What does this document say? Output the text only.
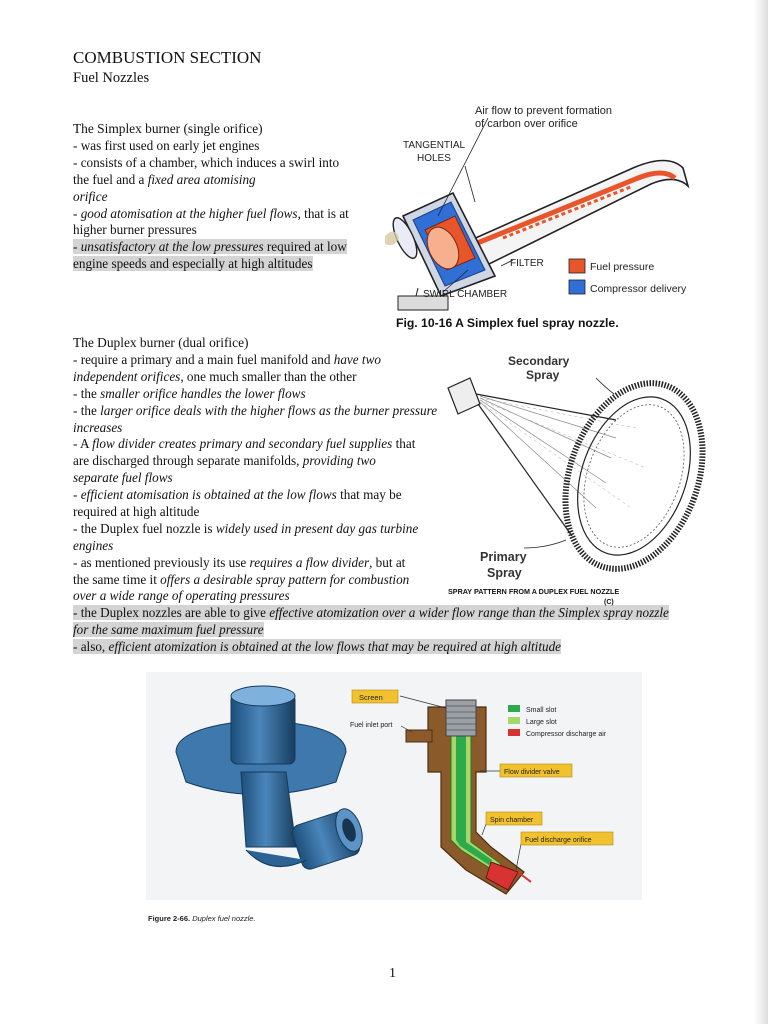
COMBUSTION SECTION
Fuel Nozzles
The Simplex burner (single orifice)
- was first used on early jet engines
- consists of a chamber, which induces a swirl into
the fuel and a fixed area atomising
orifice
- good atomisation at the higher fuel flows, that is at
higher burner pressures
- unsatisfactory at the low pressures required at low
engine speeds and especially at high altitudes
The Duplex burner (dual orifice)
- require a primary and a main fuel manifold and have two
independent orifices, one much smaller than the other
- the smaller orifice handles the lower flows
- the larger orifice deals with the higher flows as the burner pressure
increases
- A flow divider creates primary and secondary fuel supplies that
are discharged through separate manifolds, providing two
separate fuel flows
- efficient atomisation is obtained at the low flows that may be
required at high altitude
- the Duplex fuel nozzle is widely used in present day gas turbine
engines
- as mentioned previously its use requires a flow divider, but at
the same time it offers a desirable spray pattern for combustion
over a wide range of operating pressures
- the Duplex nozzles are able to give effective atomization over a wider flow range than the Simplex spray nozzle
for the same maximum fuel pressure
- also, efficient atomization is obtained at the low flows that may be required at high altitude
Air flow to prevent formation
of carbon over orifice
TANGENTIAL
HOLES
FILTER
SWIRL CHAMBER
Fuel pressure
Compressor delivery
Fig. 10-16 A Simplex fuel spray nozzle.
Secondary
Spray
Primary
Spray
SPRAY PATTERN FROM A DUPLEX FUEL NOZZLE
(C)
Screen
Fuel inlet port
Small slot
Large slot
Compressor discharge air
Flow divider valve
Spin chamber
Fuel discharge orifice
Figure 2-66. Duplex fuel nozzle.
1
